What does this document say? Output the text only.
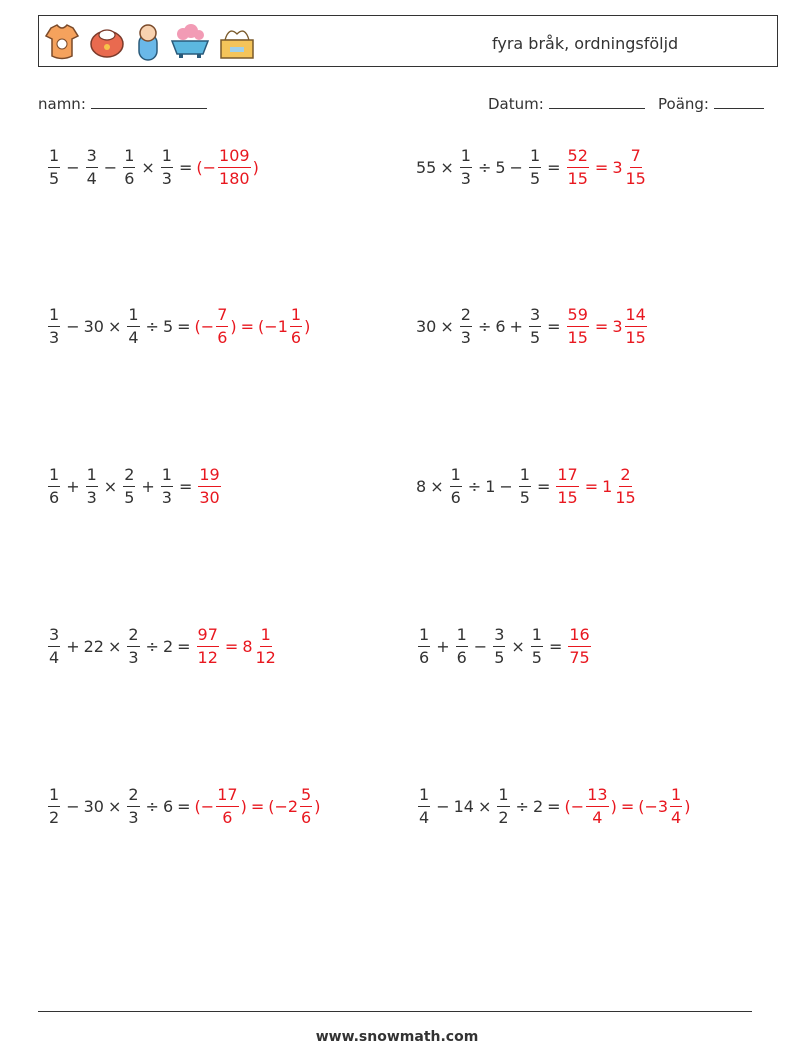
fyra bråk, ordningsföljd
namn:	Datum:	Poäng:
$\frac{1}{5} - \frac{3}{4} - \frac{1}{6} \times \frac{1}{3}$ = (− $\frac{109}{180}$ )	$55 \times \frac{1}{3} \div 5 - \frac{1}{5} = \frac{52}{15} = 3 \frac{7}{15}$
$\frac{1}{3} - 30 \times \frac{1}{4} \div 5$ = (− $\frac{7}{6}$ ) = ($-1 \frac{1}{6}$ )	$30 \times \frac{2}{3} \div 6 + \frac{3}{5} = \frac{59}{15} = 3 \frac{14}{15}$
$\frac{1}{6} + \frac{1}{3} \times \frac{2}{5} + \frac{1}{3} = \frac{19}{30}$	$8 \times \frac{1}{6} \div 1 - \frac{1}{5} = \frac{17}{15} = 1 \frac{2}{15}$
$\frac{3}{4} + 22 \times \frac{2}{3} \div 2 = \frac{97}{12} = 8 \frac{1}{12}$	$\frac{1}{6} + \frac{1}{6} - \frac{3}{5} \times \frac{1}{5} = \frac{16}{75}$
$\frac{1}{2} - 30 \times \frac{2}{3} \div 6$ = (− $\frac{17}{6}$ ) = ($-2 \frac{5}{6}$ )	$\frac{1}{4} - 14 \times \frac{1}{2} \div 2$ = (− $\frac{13}{4}$ ) = ($-3 \frac{1}{4}$ )
www.snowmath.com
